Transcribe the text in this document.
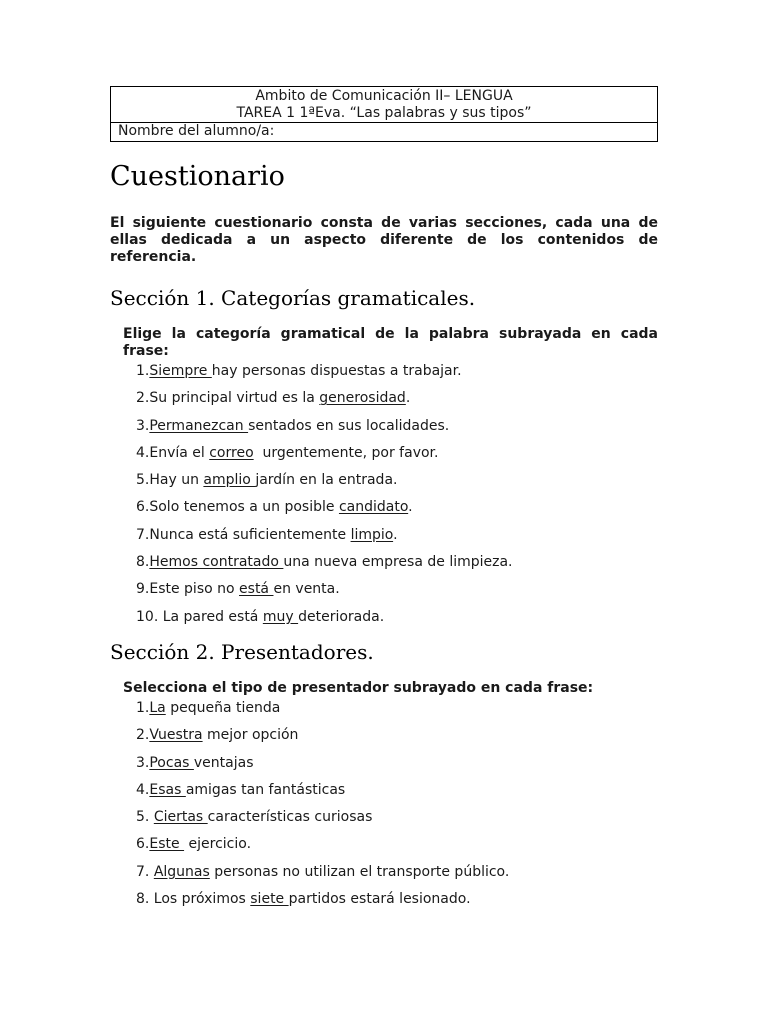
Ambito de Comunicación II– LENGUA
TAREA 1 1ªEva. “Las palabras y sus tipos”
Nombre del alumno/a:
Cuestionario

El siguiente cuestionario consta de varias secciones, cada una de ellas dedicada a un aspecto diferente de los contenidos de referencia.

Sección 1. Categorías gramaticales.

Elige la categoría gramatical de la palabra subrayada en cada frase:

1.Siempre hay personas dispuestas a trabajar.
2.Su principal virtud es la generosidad.
3.Permanezcan sentados en sus localidades.
4.Envía el correo  urgentemente, por favor.
5.Hay un amplio jardín en la entrada.
6.Solo tenemos a un posible candidato.
7.Nunca está suficientemente limpio.
8.Hemos contratado una nueva empresa de limpieza.
9.Este piso no está en venta.
10. La pared está muy deteriorada.
Sección 2. Presentadores.

Selecciona el tipo de presentador subrayado en cada frase:

1.La pequeña tienda
2.Vuestra mejor opción
3.Pocas ventajas
4.Esas amigas tan fantásticas
5. Ciertas características curiosas
6.Este  ejercicio.
7. Algunas personas no utilizan el transporte público.
8. Los próximos siete partidos estará lesionado.
